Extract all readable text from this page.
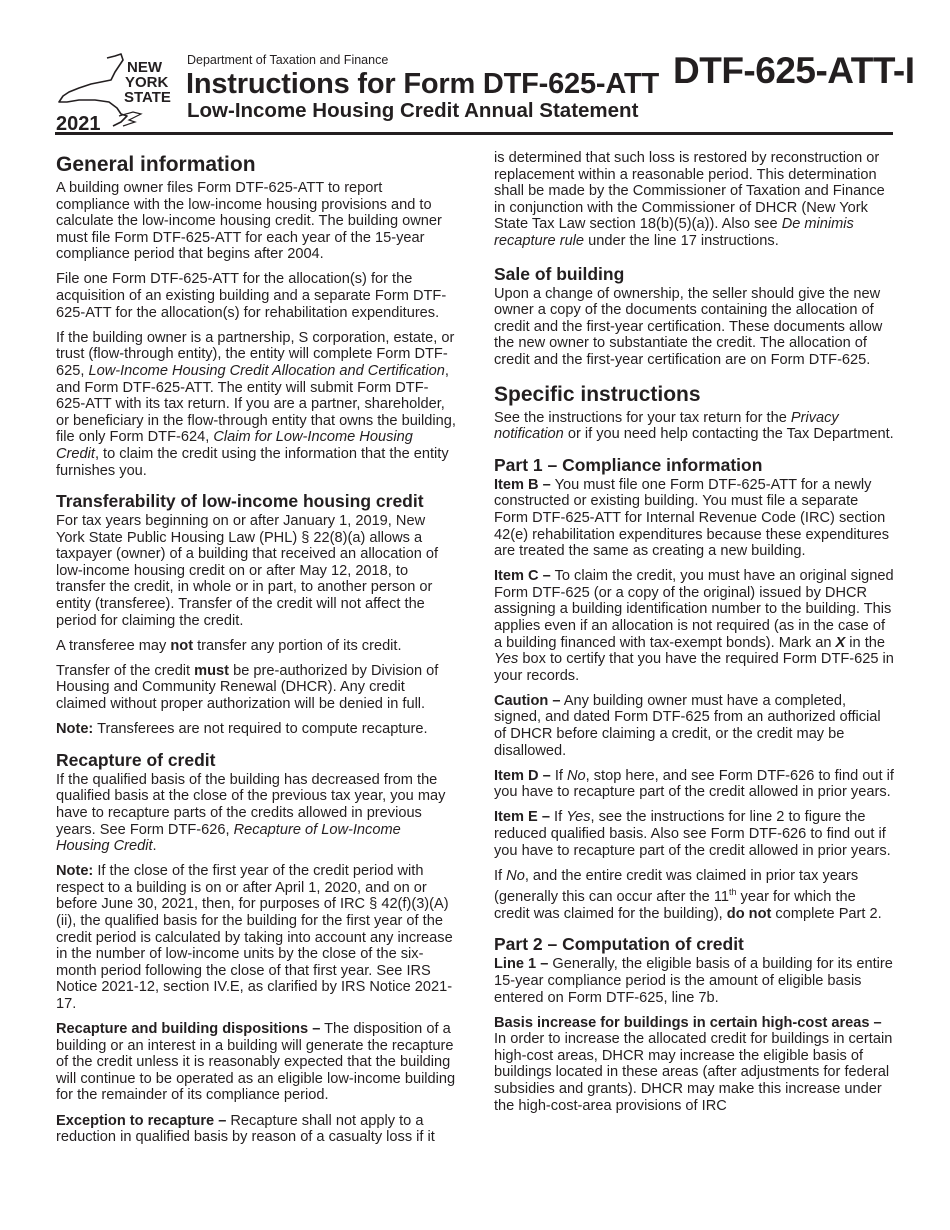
2021
NEW
YORK
STATE
Department of Taxation and Finance
Instructions for Form DTF-625-ATT
Low-Income Housing Credit Annual Statement
DTF-625-ATT-I
General information

A building owner files Form DTF-625-ATT to report compliance with the low-income housing provisions and to calculate the low-income housing credit. The building owner must file Form DTF-625-ATT for each year of the 15-year compliance period that begins after 2004.

File one Form DTF-625-ATT for the allocation(s) for the acquisition of an existing building and a separate Form DTF-625-ATT for the allocation(s) for rehabilitation expenditures.

If the building owner is a partnership, S corporation, estate, or trust (flow-through entity), the entity will complete Form DTF-625, Low-Income Housing Credit Allocation and Certification, and Form DTF-625-ATT. The entity will submit Form DTF-625-ATT with its tax return. If you are a partner, shareholder, or beneficiary in the flow-through entity that owns the building, file only Form DTF-624, Claim for Low-Income Housing Credit, to claim the credit using the information that the entity furnishes you.

Transferability of low-income housing credit

For tax years beginning on or after January 1, 2019, New York State Public Housing Law (PHL) § 22(8)(a) allows a taxpayer (owner) of a building that received an allocation of low-income housing credit on or after May 12, 2018, to transfer the credit, in whole or in part, to another person or entity (transferee). Transfer of the credit will not affect the period for claiming the credit.

A transferee may not transfer any portion of its credit.

Transfer of the credit must be pre-authorized by Division of Housing and Community Renewal (DHCR). Any credit claimed without proper authorization will be denied in full.

Note: Transferees are not required to compute recapture.

Recapture of credit

If the qualified basis of the building has decreased from the qualified basis at the close of the previous tax year, you may have to recapture parts of the credits allowed in previous years. See Form DTF-626, Recapture of Low-Income Housing Credit.

Note: If the close of the first year of the credit period with respect to a building is on or after April 1, 2020, and on or before June 30, 2021, then, for purposes of IRC § 42(f)(3)(A)(ii), the qualified basis for the building for the first year of the credit period is calculated by taking into account any increase in the number of low-income units by the close of the six-month period following the close of that first year. See IRS Notice 2021-12, section IV.E, as clarified by IRS Notice 2021-17.

Recapture and building dispositions – The disposition of a building or an interest in a building will generate the recapture of the credit unless it is reasonably expected that the building will continue to be operated as an eligible low-income building for the remainder of its compliance period.

Exception to recapture – Recapture shall not apply to a reduction in qualified basis by reason of a casualty loss if it

is determined that such loss is restored by reconstruction or replacement within a reasonable period. This determination shall be made by the Commissioner of Taxation and Finance in conjunction with the Commissioner of DHCR (New York State Tax Law section 18(b)(5)(a)). Also see De minimis recapture rule under the line 17 instructions.

Sale of building

Upon a change of ownership, the seller should give the new owner a copy of the documents containing the allocation of credit and the first-year certification. These documents allow the new owner to substantiate the credit. The allocation of credit and the first-year certification are on Form DTF-625.

Specific instructions

See the instructions for your tax return for the Privacy notification or if you need help contacting the Tax Department.

Part 1 – Compliance information

Item B – You must file one Form DTF-625-ATT for a newly constructed or existing building. You must file a separate Form DTF-625-ATT for Internal Revenue Code (IRC) section 42(e) rehabilitation expenditures because these expenditures are treated the same as creating a new building.

Item C – To claim the credit, you must have an original signed Form DTF-625 (or a copy of the original) issued by DHCR assigning a building identification number to the building. This applies even if an allocation is not required (as in the case of a building financed with tax-exempt bonds). Mark an X in the Yes box to certify that you have the required Form DTF-625 in your records.

Caution – Any building owner must have a completed, signed, and dated Form DTF-625 from an authorized official of DHCR before claiming a credit, or the credit may be disallowed.

Item D – If No, stop here, and see Form DTF-626 to find out if you have to recapture part of the credit allowed in prior years.

Item E – If Yes, see the instructions for line 2 to figure the reduced qualified basis. Also see Form DTF-626 to find out if you have to recapture part of the credit allowed in prior years.

If No, and the entire credit was claimed in prior tax years (generally this can occur after the 11th year for which the credit was claimed for the building), do not complete Part 2.

Part 2 – Computation of credit

Line 1 – Generally, the eligible basis of a building for its entire 15-year compliance period is the amount of eligible basis entered on Form DTF-625, line 7b.

Basis increase for buildings in certain high-cost areas – In order to increase the allocated credit for buildings in certain high-cost areas, DHCR may increase the eligible basis of buildings located in these areas (after adjustments for federal subsidies and grants). DHCR may make this increase under the high-cost-area provisions of IRC
